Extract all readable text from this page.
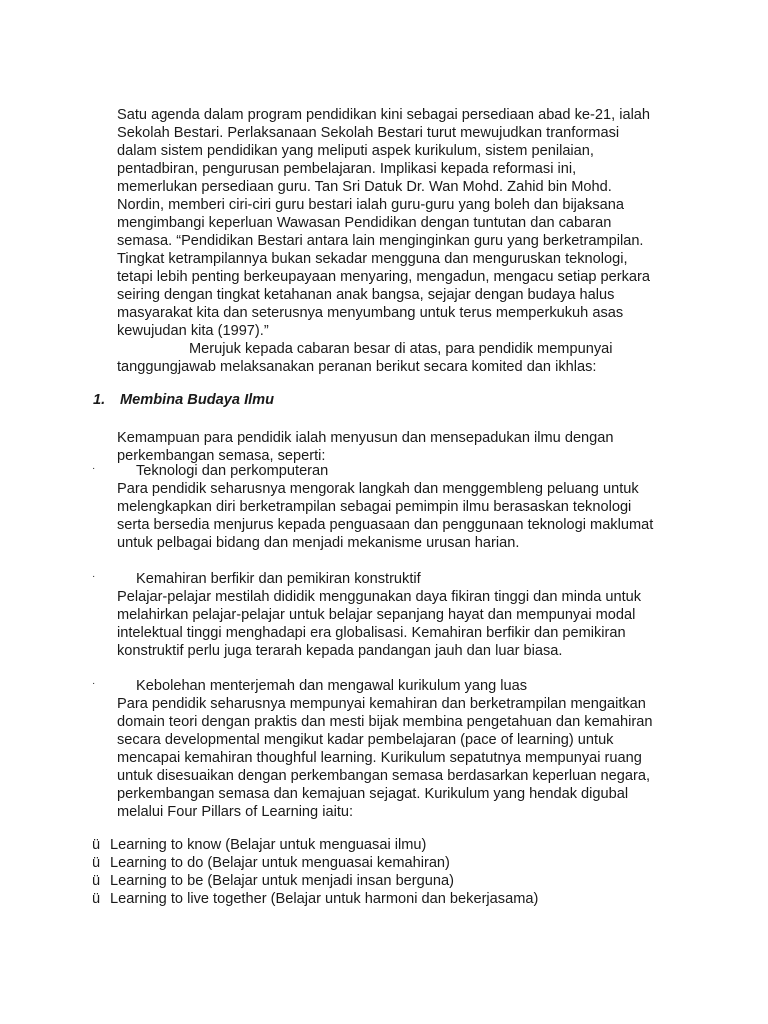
Satu agenda dalam program pendidikan kini sebagai persediaan abad ke-21, ialah Sekolah Bestari. Perlaksanaan Sekolah Bestari turut mewujudkan tranformasi dalam sistem pendidikan yang meliputi aspek kurikulum, sistem penilaian, pentadbiran, pengurusan pembelajaran. Implikasi kepada reformasi ini, memerlukan persediaan guru. Tan Sri Datuk Dr. Wan Mohd. Zahid bin Mohd. Nordin, memberi ciri-ciri guru bestari ialah guru-guru yang boleh dan bijaksana mengimbangi keperluan Wawasan Pendidikan dengan tuntutan dan cabaran semasa. “Pendidikan Bestari antara lain menginginkan guru yang berketrampilan. Tingkat ketrampilannya bukan sekadar mengguna dan menguruskan teknologi, tetapi lebih penting berkeupayaan menyaring, mengadun, mengacu setiap perkara seiring dengan tingkat ketahanan anak bangsa, sejajar dengan budaya halus masyarakat kita dan seterusnya menyumbang untuk terus memperkukuh asas kewujudan kita (1997).”

Merujuk kepada cabaran besar di atas, para pendidik mempunyai tanggungjawab melaksanakan peranan berikut secara komited dan ikhlas:

1. Membina Budaya Ilmu

Kemampuan para pendidik ialah menyusun dan mensepadukan ilmu dengan perkembangan semasa, seperti:

·	Teknologi dan perkomputeran

Para pendidik seharusnya mengorak langkah dan menggembleng peluang untuk melengkapkan diri berketrampilan sebagai pemimpin ilmu berasaskan teknologi serta bersedia menjurus kepada penguasaan dan penggunaan teknologi maklumat untuk pelbagai bidang dan menjadi mekanisme urusan harian.

·	Kemahiran berfikir dan pemikiran konstruktif

Pelajar-pelajar mestilah dididik menggunakan daya fikiran tinggi dan minda untuk melahirkan pelajar-pelajar untuk belajar sepanjang hayat dan mempunyai modal intelektual tinggi menghadapi era globalisasi. Kemahiran berfikir dan pemikiran konstruktif perlu juga terarah kepada pandangan jauh dan luar biasa.

·	Kebolehan menterjemah dan mengawal kurikulum yang luas

Para pendidik seharusnya mempunyai kemahiran dan berketrampilan mengaitkan domain teori dengan praktis dan mesti bijak membina pengetahuan dan kemahiran secara developmental mengikut kadar pembelajaran (pace of learning) untuk mencapai kemahiran thoughful learning. Kurikulum sepatutnya mempunyai ruang untuk disesuaikan dengan perkembangan semasa berdasarkan keperluan negara, perkembangan semasa dan kemajuan sejagat. Kurikulum yang hendak digubal melalui Four Pillars of Learning iaitu:

ü Learning to know (Belajar untuk menguasai ilmu)
ü Learning to do (Belajar untuk menguasai kemahiran)
ü Learning to be (Belajar untuk menjadi insan berguna)
ü Learning to live together (Belajar untuk harmoni dan bekerjasama)
